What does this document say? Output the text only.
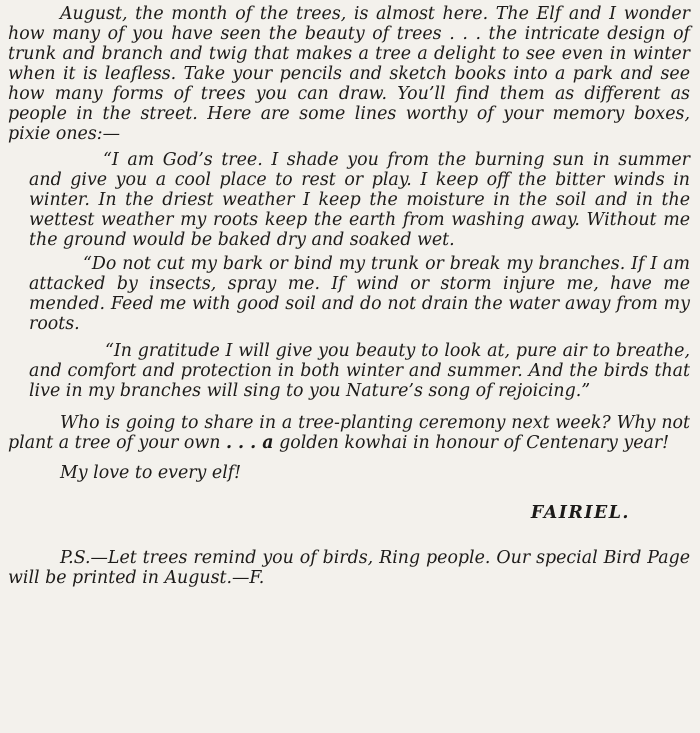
August, the month of the trees, is almost here. The Elf and I wonder how many of you have seen the beauty of trees . . . the intricate design of trunk and branch and twig that makes a tree a delight to see even in winter when it is leafless. Take your pencils and sketch books into a park and see how many forms of trees you can draw. You’ll find them as different as people in the street. Here are some lines worthy of your memory boxes, pixie ones:—

“I am God’s tree. I shade you from the burning sun in summer and give you a cool place to rest or play. I keep off the bitter winds in winter. In the driest weather I keep the moisture in the soil and in the wettest weather my roots keep the earth from washing away. Without me the ground would be baked dry and soaked wet.

“Do not cut my bark or bind my trunk or break my branches. If I am attacked by insects, spray me. If wind or storm injure me, have me mended. Feed me with good soil and do not drain the water away from my roots.

“In gratitude I will give you beauty to look at, pure air to breathe, and comfort and protection in both winter and summer. And the birds that live in my branches will sing to you Nature’s song of rejoicing.”

Who is going to share in a tree-planting ceremony next week? Why not plant a tree of your own . . . a golden kowhai in honour of Centenary year!

My love to every elf!

FAIRIEL.

P.S.—Let trees remind you of birds, Ring people. Our special Bird Page will be printed in August.—F.
